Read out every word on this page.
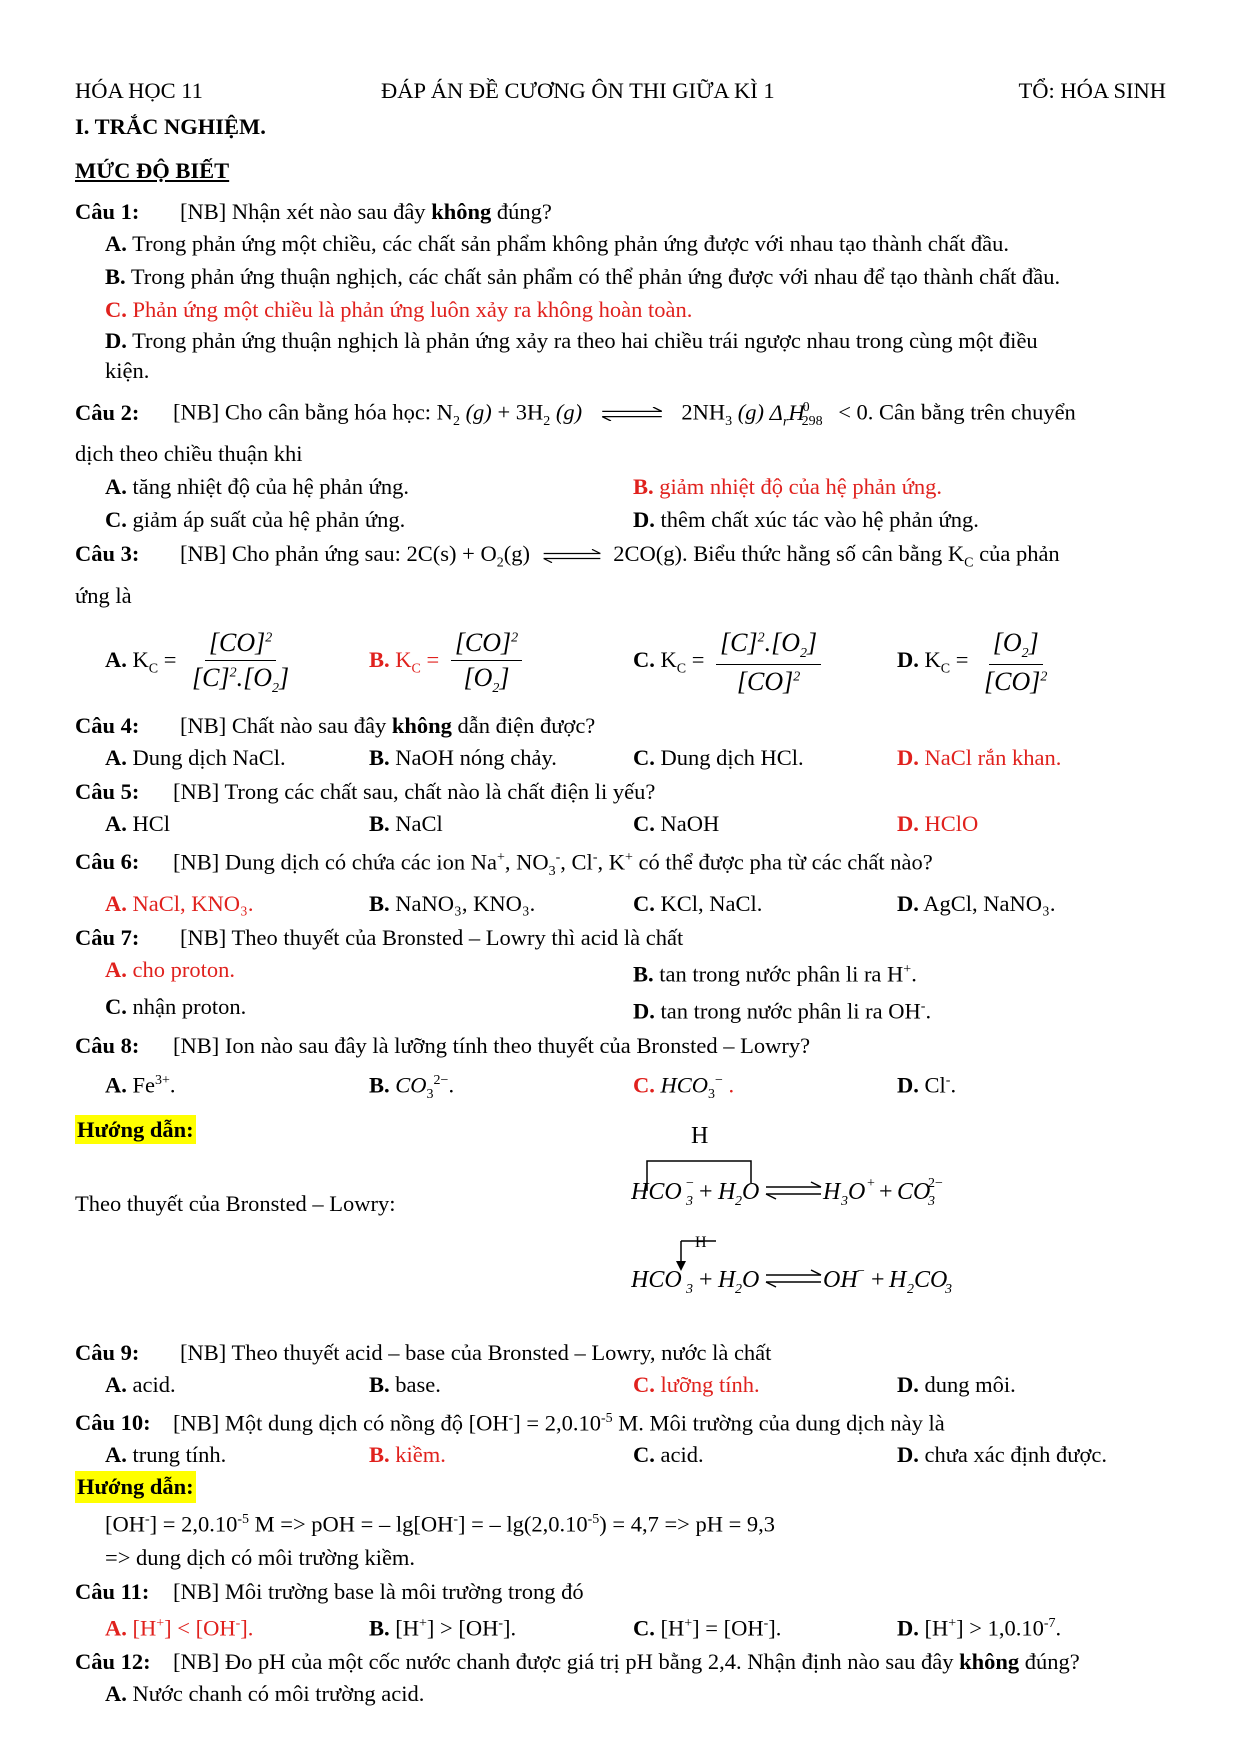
HÓA HỌC 11	ĐÁP ÁN ĐỀ CƯƠNG ÔN THI GIỮA KÌ 1	TỔ: HÓA SINH
I. TRẮC NGHIỆM.
MỨC ĐỘ BIẾT
Câu 1: [NB] Nhận xét nào sau đây không đúng?
A. Trong phản ứng một chiều, các chất sản phẩm không phản ứng được với nhau tạo thành chất đầu.
B. Trong phản ứng thuận nghịch, các chất sản phẩm có thể phản ứng được với nhau để tạo thành chất đầu.
C. Phản ứng một chiều là phản ứng luôn xảy ra không hoàn toàn.
D. Trong phản ứng thuận nghịch là phản ứng xảy ra theo hai chiều trái ngược nhau trong cùng một điều
kiện.
Câu 2: [NB] Cho cân bằng hóa học: $N_2$ $(g) + 3H_2$ (g) ⇌ $2NH_3$ (g) $\Delta_rH^0_{298} < 0$. Cân bằng trên chuyển
dịch theo chiều thuận khi
A. tăng nhiệt độ của hệ phản ứng.	B. giảm nhiệt độ của hệ phản ứng.
C. giảm áp suất của hệ phản ứng.	D. thêm chất xúc tác vào hệ phản ứng.
Câu 3: [NB] Cho phản ứng sau: $2C(s) + O_2(g)$ ⇌ 2CO(g). Biểu thức hằng số cân bằng $K_C$ của phản
ứng là
A. $K_C = \frac{[CO]^2}{[C]^2.[O_2]}$	B. $K_C = \frac{[CO]^2}{[O_2]}$	C. $K_C = \frac{[C]^2.[O_2]}{[CO]^2}$	D. $K_C = \frac{[O_2]}{[CO]^2}$
Câu 4: [NB] Chất nào sau đây không dẫn điện được?
A. Dung dịch NaCl.	B. NaOH nóng chảy.	C. Dung dịch HCl.	D. NaCl rắn khan.
Câu 5: [NB] Trong các chất sau, chất nào là chất điện li yếu?
A. HCl	B. NaCl	C. NaOH	D. HClO
Câu 6: [NB] Dung dịch có chứa các ion Na+, $NO_3^-$, Cl-, K+ có thể được pha từ các chất nào?
A. NaCl, KNO₃.	B. NaNO₃, KNO₃.	C. KCl, NaCl.	D. AgCl, NaNO₃.
Câu 7: [NB] Theo thuyết của Bronsted – Lowry thì acid là chất
A. cho proton.	B. tan trong nước phân li ra H+.
C. nhận proton.	D. tan trong nước phân li ra OH-.
Câu 8: [NB] Ion nào sau đây là lưỡng tính theo thuyết của Bronsted – Lowry?
A. $Fe^{3+}$.	B. $CO_3^{2-}$.	C. $HCO_3^-$ .	D. Cl-.
Hướng dẫn:
Theo thuyết của Bronsted – Lowry:
H
HCO 3
− + H 2 O	H 3 O + + CO
3
2−
H
HCO 3 + H 2 O	OH − + H 2 CO
3
Câu 9: [NB] Theo thuyết acid – base của Bronsted – Lowry, nước là chất
A. acid.	B. base.	C. lưỡng tính.	D. dung môi.
Câu 10: [NB] Một dung dịch có nồng độ $[OH^-] = 2,0.10^{-5}$ M. Môi trường của dung dịch này là
A. trung tính.	B. kiềm.	C. acid.	D. chưa xác định được.
Hướng dẫn:
$[OH^-] = 2,0.10^{-5}$ M => pOH = – lg[OH-] = – $\lg(2,0.10^{-5}) = 4,7$ => pH = 9,3
=> dung dịch có môi trường kiềm.
Câu 11: [NB] Môi trường base là môi trường trong đó
A. [H+] < [OH-].	B. [H+] > [OH-].	C. [H+] = [OH-].	D. $[H^+] > 1,0.10^{-7}$.
Câu 12: [NB] Đo pH của một cốc nước chanh được giá trị pH bằng 2,4. Nhận định nào sau đây không đúng?
A. Nước chanh có môi trường acid.
